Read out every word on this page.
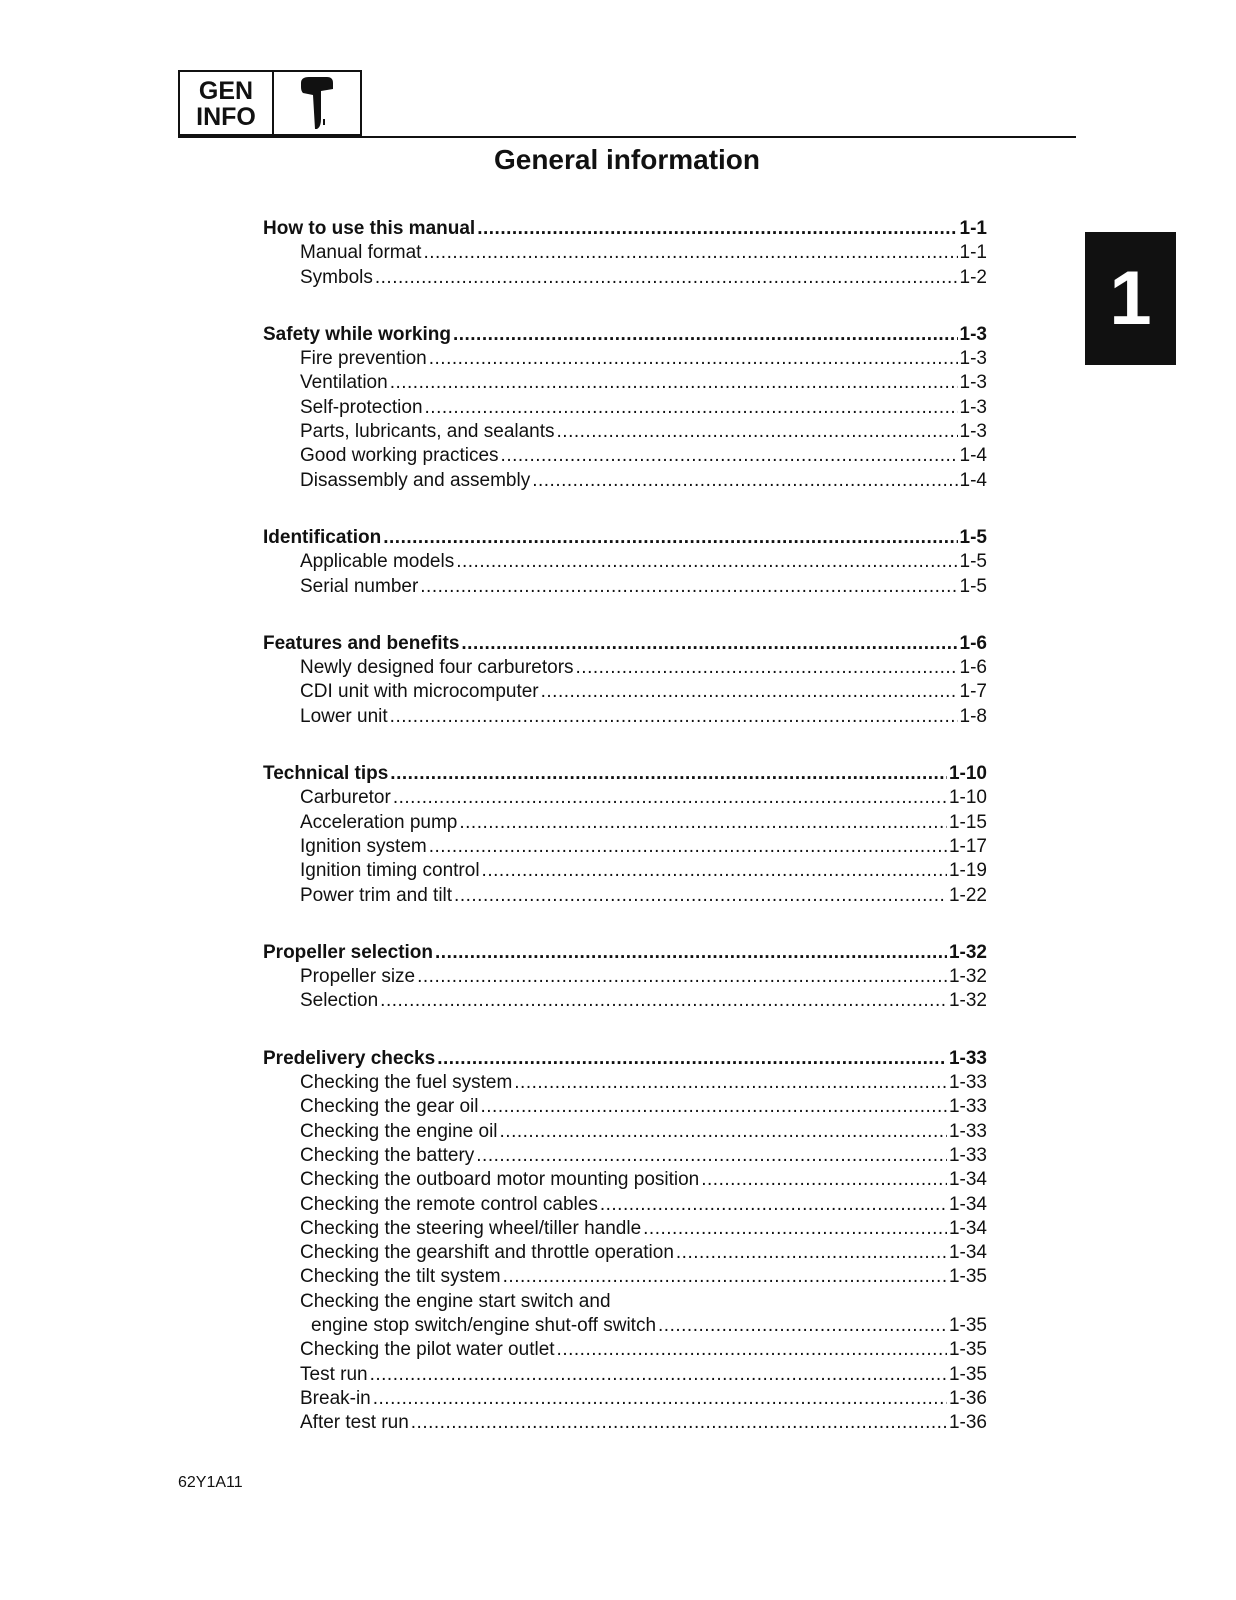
GEN
INFO
General information
1
How to use this manual .....	1-1
Manual format .....	1-1
Symbols .....	1-2
Safety while working .....	1-3
Fire prevention .....	1-3
Ventilation .....	1-3
Self-protection .....	1-3
Parts, lubricants, and sealants .....	1-3
Good working practices .....	1-4
Disassembly and assembly .....	1-4
Identification .....	1-5
Applicable models .....	1-5
Serial number .....	1-5
Features and benefits .....	1-6
Newly designed four carburetors .....	1-6
CDI unit with microcomputer .....	1-7
Lower unit .....	1-8
Technical tips .....	1-10
Carburetor .....	1-10
Acceleration pump .....	1-15
Ignition system .....	1-17
Ignition timing control .....	1-19
Power trim and tilt .....	1-22
Propeller selection .....	1-32
Propeller size .....	1-32
Selection .....	1-32
Predelivery checks .....	1-33
Checking the fuel system .....	1-33
Checking the gear oil .....	1-33
Checking the engine oil .....	1-33
Checking the battery .....	1-33
Checking the outboard motor mounting position .....	1-34
Checking the remote control cables .....	1-34
Checking the steering wheel/tiller handle .....	1-34
Checking the gearshift and throttle operation .....	1-34
Checking the tilt system .....	1-35
Checking the engine start switch and
engine stop switch/engine shut-off switch .....	1-35
Checking the pilot water outlet .....	1-35
Test run .....	1-35
Break-in .....	1-36
After test run .....	1-36
62Y1A11
